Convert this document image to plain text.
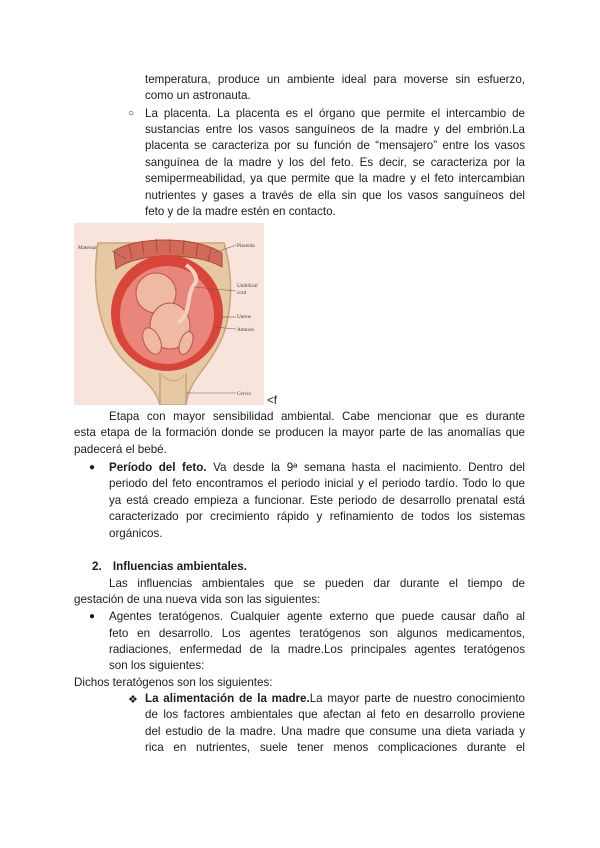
temperatura, produce un ambiente ideal para moverse sin esfuerzo,

como un astronauta.

○ La placenta. La placenta es el órgano que permite el intercambio de

sustancias entre los vasos sanguíneos de la madre y del embrión.La

placenta se caracteriza por su función de “mensajero” entre los vasos

sanguínea de la madre y los del feto. Es decir, se caracteriza por la

semipermeabilidad, ya que permite que la madre y el feto intercambian

nutrientes y gases a través de ella sin que los vasos sanguíneos del

feto y de la madre estén en contacto.

Maternal	Placenta
Umbilical
cord
Uterus
Amnion
Cervix <f

Etapa con mayor sensibilidad ambiental. Cabe mencionar que es durante

esta etapa de la formación donde se producen la mayor parte de las anomalías que

padecerá el bebé.

● Período del feto. Va desde la 9ª semana hasta el nacimiento. Dentro del

periodo del feto encontramos el periodo inicial y el periodo tardío. Todo lo que

ya está creado empieza a funcionar. Este periodo de desarrollo prenatal está

caracterizado por crecimiento rápido y refinamiento de todos los sistemas

orgánicos.

2. Influencias ambientales.

Las influencias ambientales que se pueden dar durante el tiempo de

gestación de una nueva vida son las siguientes:

● Agentes teratógenos. Cualquier agente externo que puede causar daño al

feto en desarrollo. Los agentes teratógenos son algunos medicamentos,

radiaciones, enfermedad de la madre.Los principales agentes teratógenos

son los siguientes:

Dichos teratógenos son los siguientes:

❖ La alimentación de la madre.La mayor parte de nuestro conocimiento

de los factores ambientales que afectan al feto en desarrollo proviene

del estudio de la madre. Una madre que consume una dieta variada y

rica en nutrientes, suele tener menos complicaciones durante el
